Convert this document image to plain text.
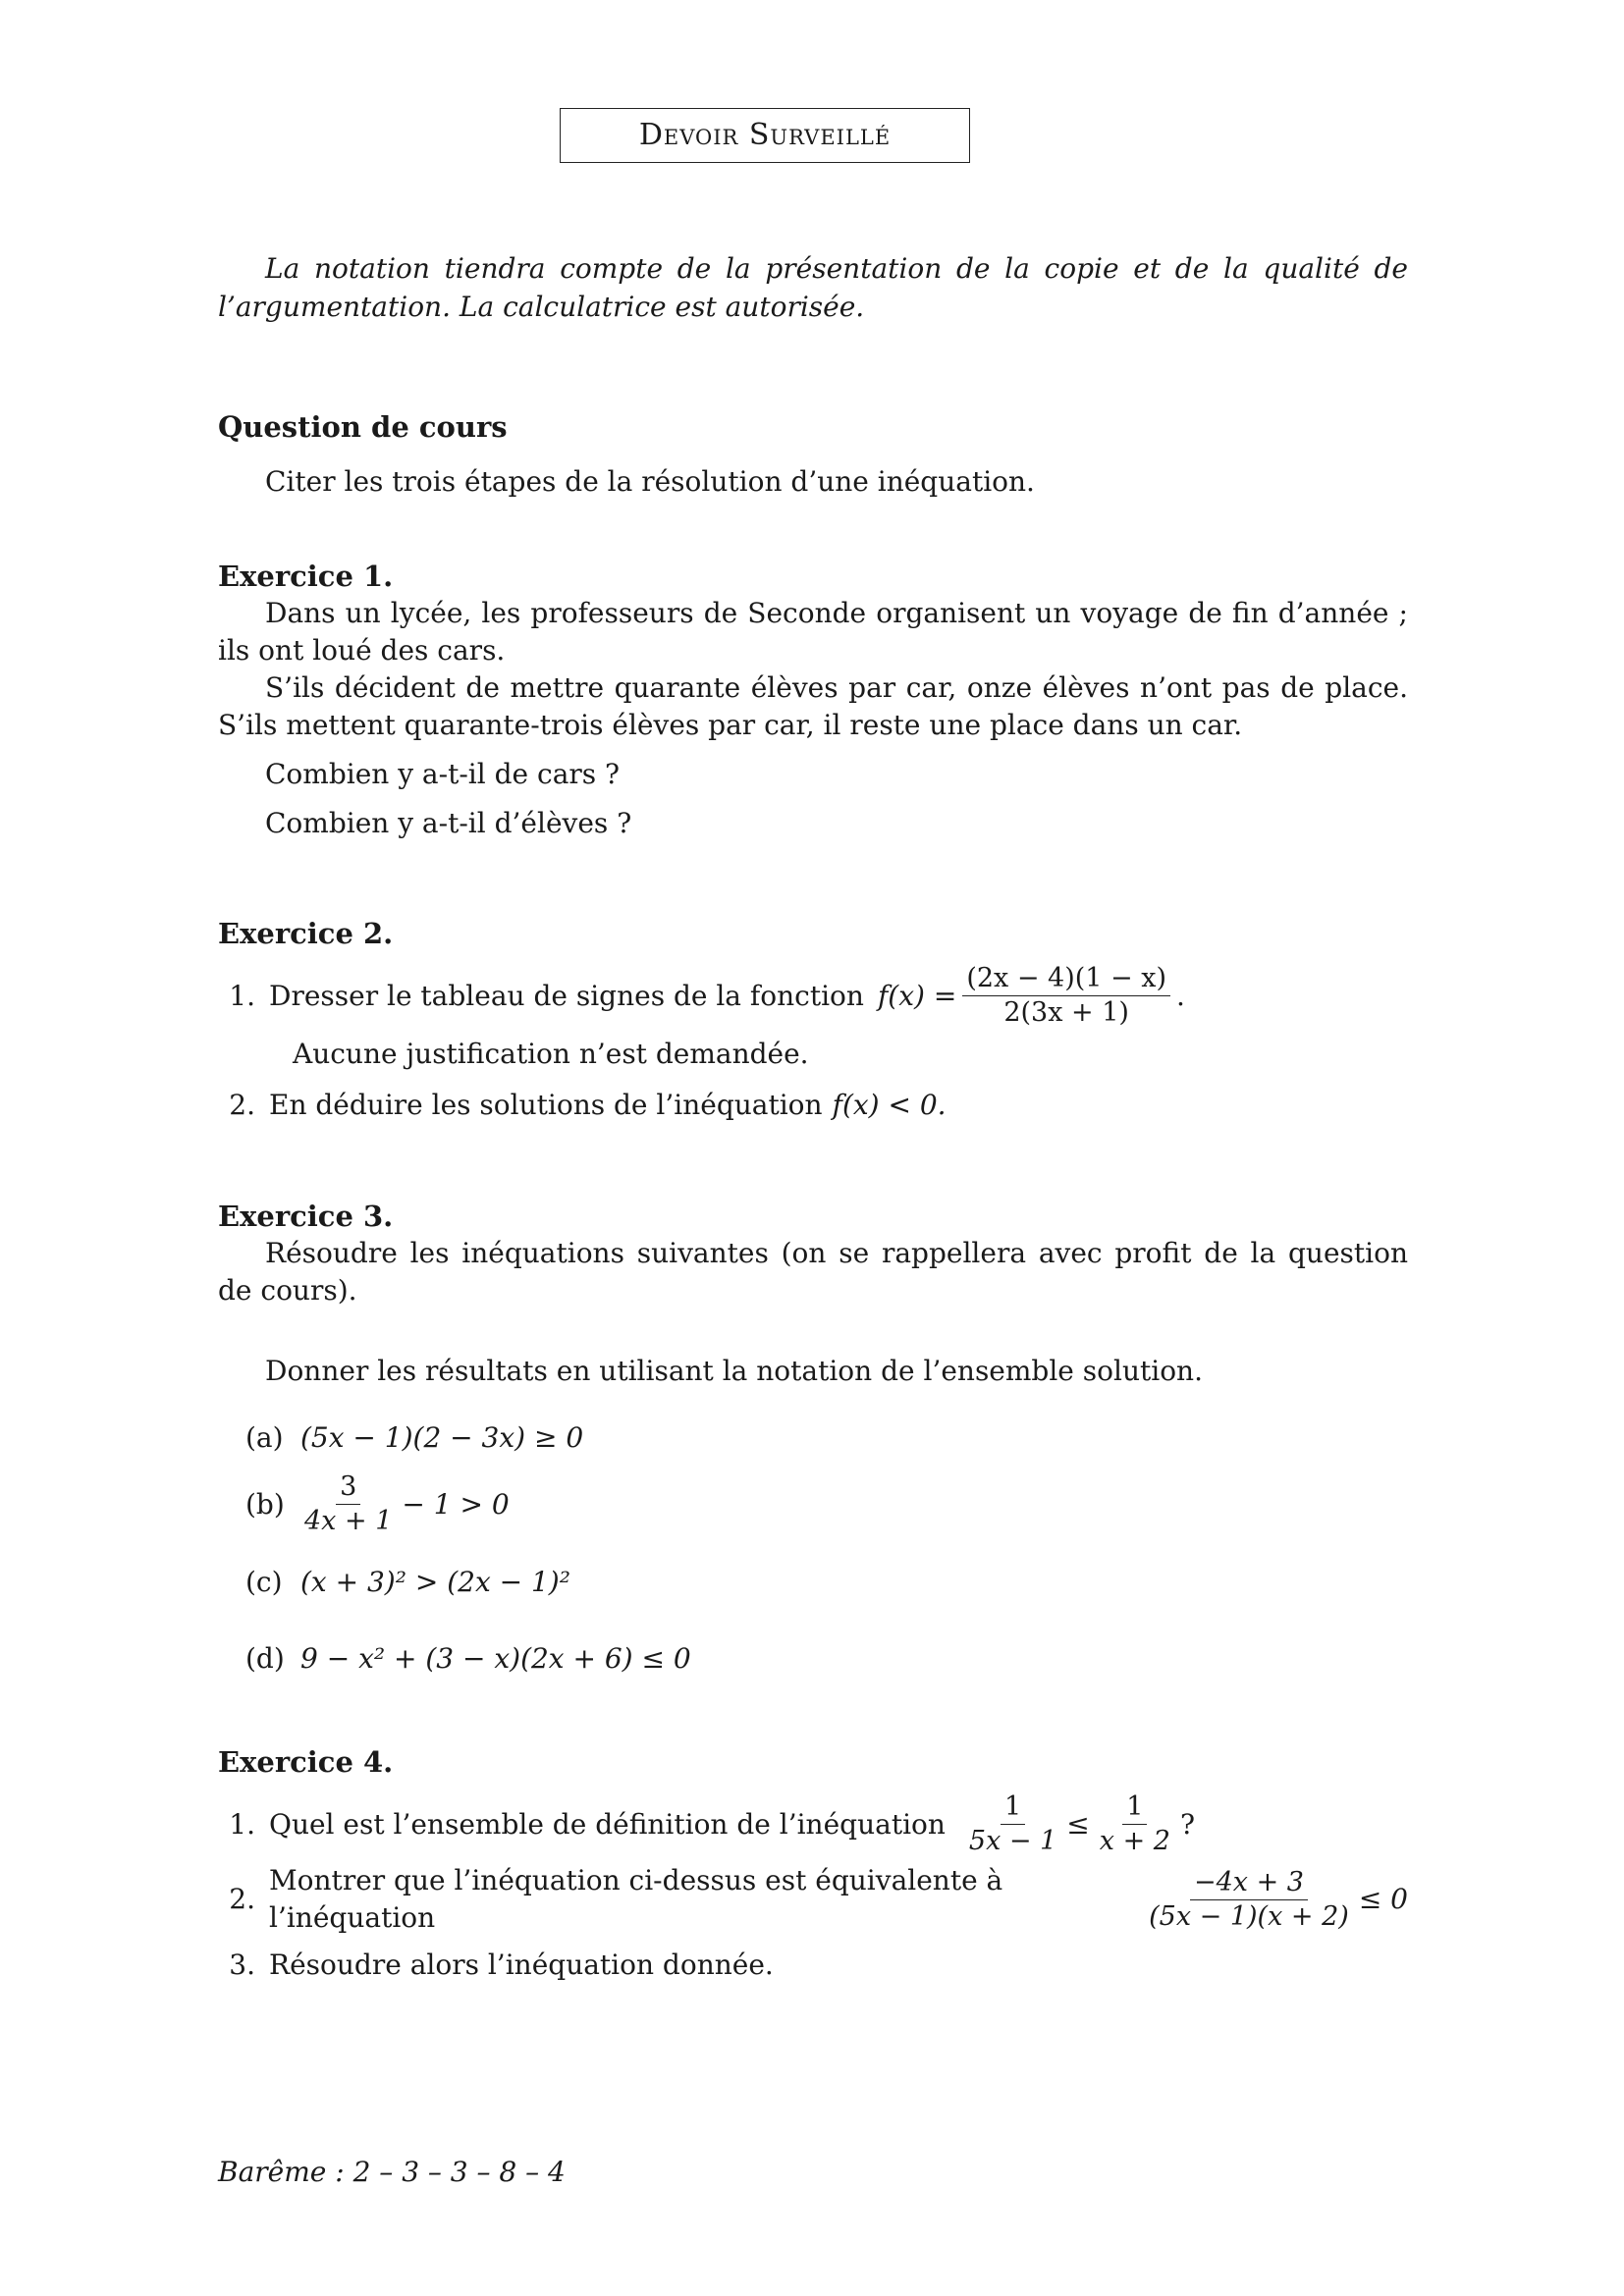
Devoir Surveillé

La notation tiendra compte de la présentation de la copie et de la qualité de l’argumentation. La calculatrice est autorisée.

Question de cours

Citer les trois étapes de la résolution d’une inéquation.

Exercice 1.

Dans un lycée, les professeurs de Seconde organisent un voyage de fin d’année ; ils ont loué des cars.

S’ils décident de mettre quarante élèves par car, onze élèves n’ont pas de place. S’ils mettent quarante-trois élèves par car, il reste une place dans un car.

Combien y a-t-il de cars ?

Combien y a-t-il d’élèves ?

Exercice 2.
1. Dresser le tableau de signes de la fonction $f(x) = \frac{(2x - 4)(1 - x)}{2(3x + 1)}$ .

Aucune justification n’est demandée.

2. En déduire les solutions de l’inéquation f(x) < 0.
Exercice 3.

Résoudre les inéquations suivantes (on se rappellera avec profit de la question de cours).

Donner les résultats en utilisant la notation de l’ensemble solution.

(a) (5x − 1)(2 − 3x) ≥ 0
$(b) \frac{3}{4x + 1} - 1 > 0$
(c) (x + 3)² > (2x − 1)²
(d) 9 − x² + (3 − x)(2x + 6) ≤ 0
Exercice 4.
1. Quel est l’ensemble de définition de l’inéquation $\frac{1}{5x - 1} \le \frac{1}{x + 2}$ ?
2.
Montrer que l’inéquation ci-dessus est équivalente à l’inéquation	$\frac{-4x + 3}{(5x - 1)(x + 2)} \le 0$
3. Résoudre alors l’inéquation donnée.
Barême : 2 – 3 – 3 – 8 – 4
